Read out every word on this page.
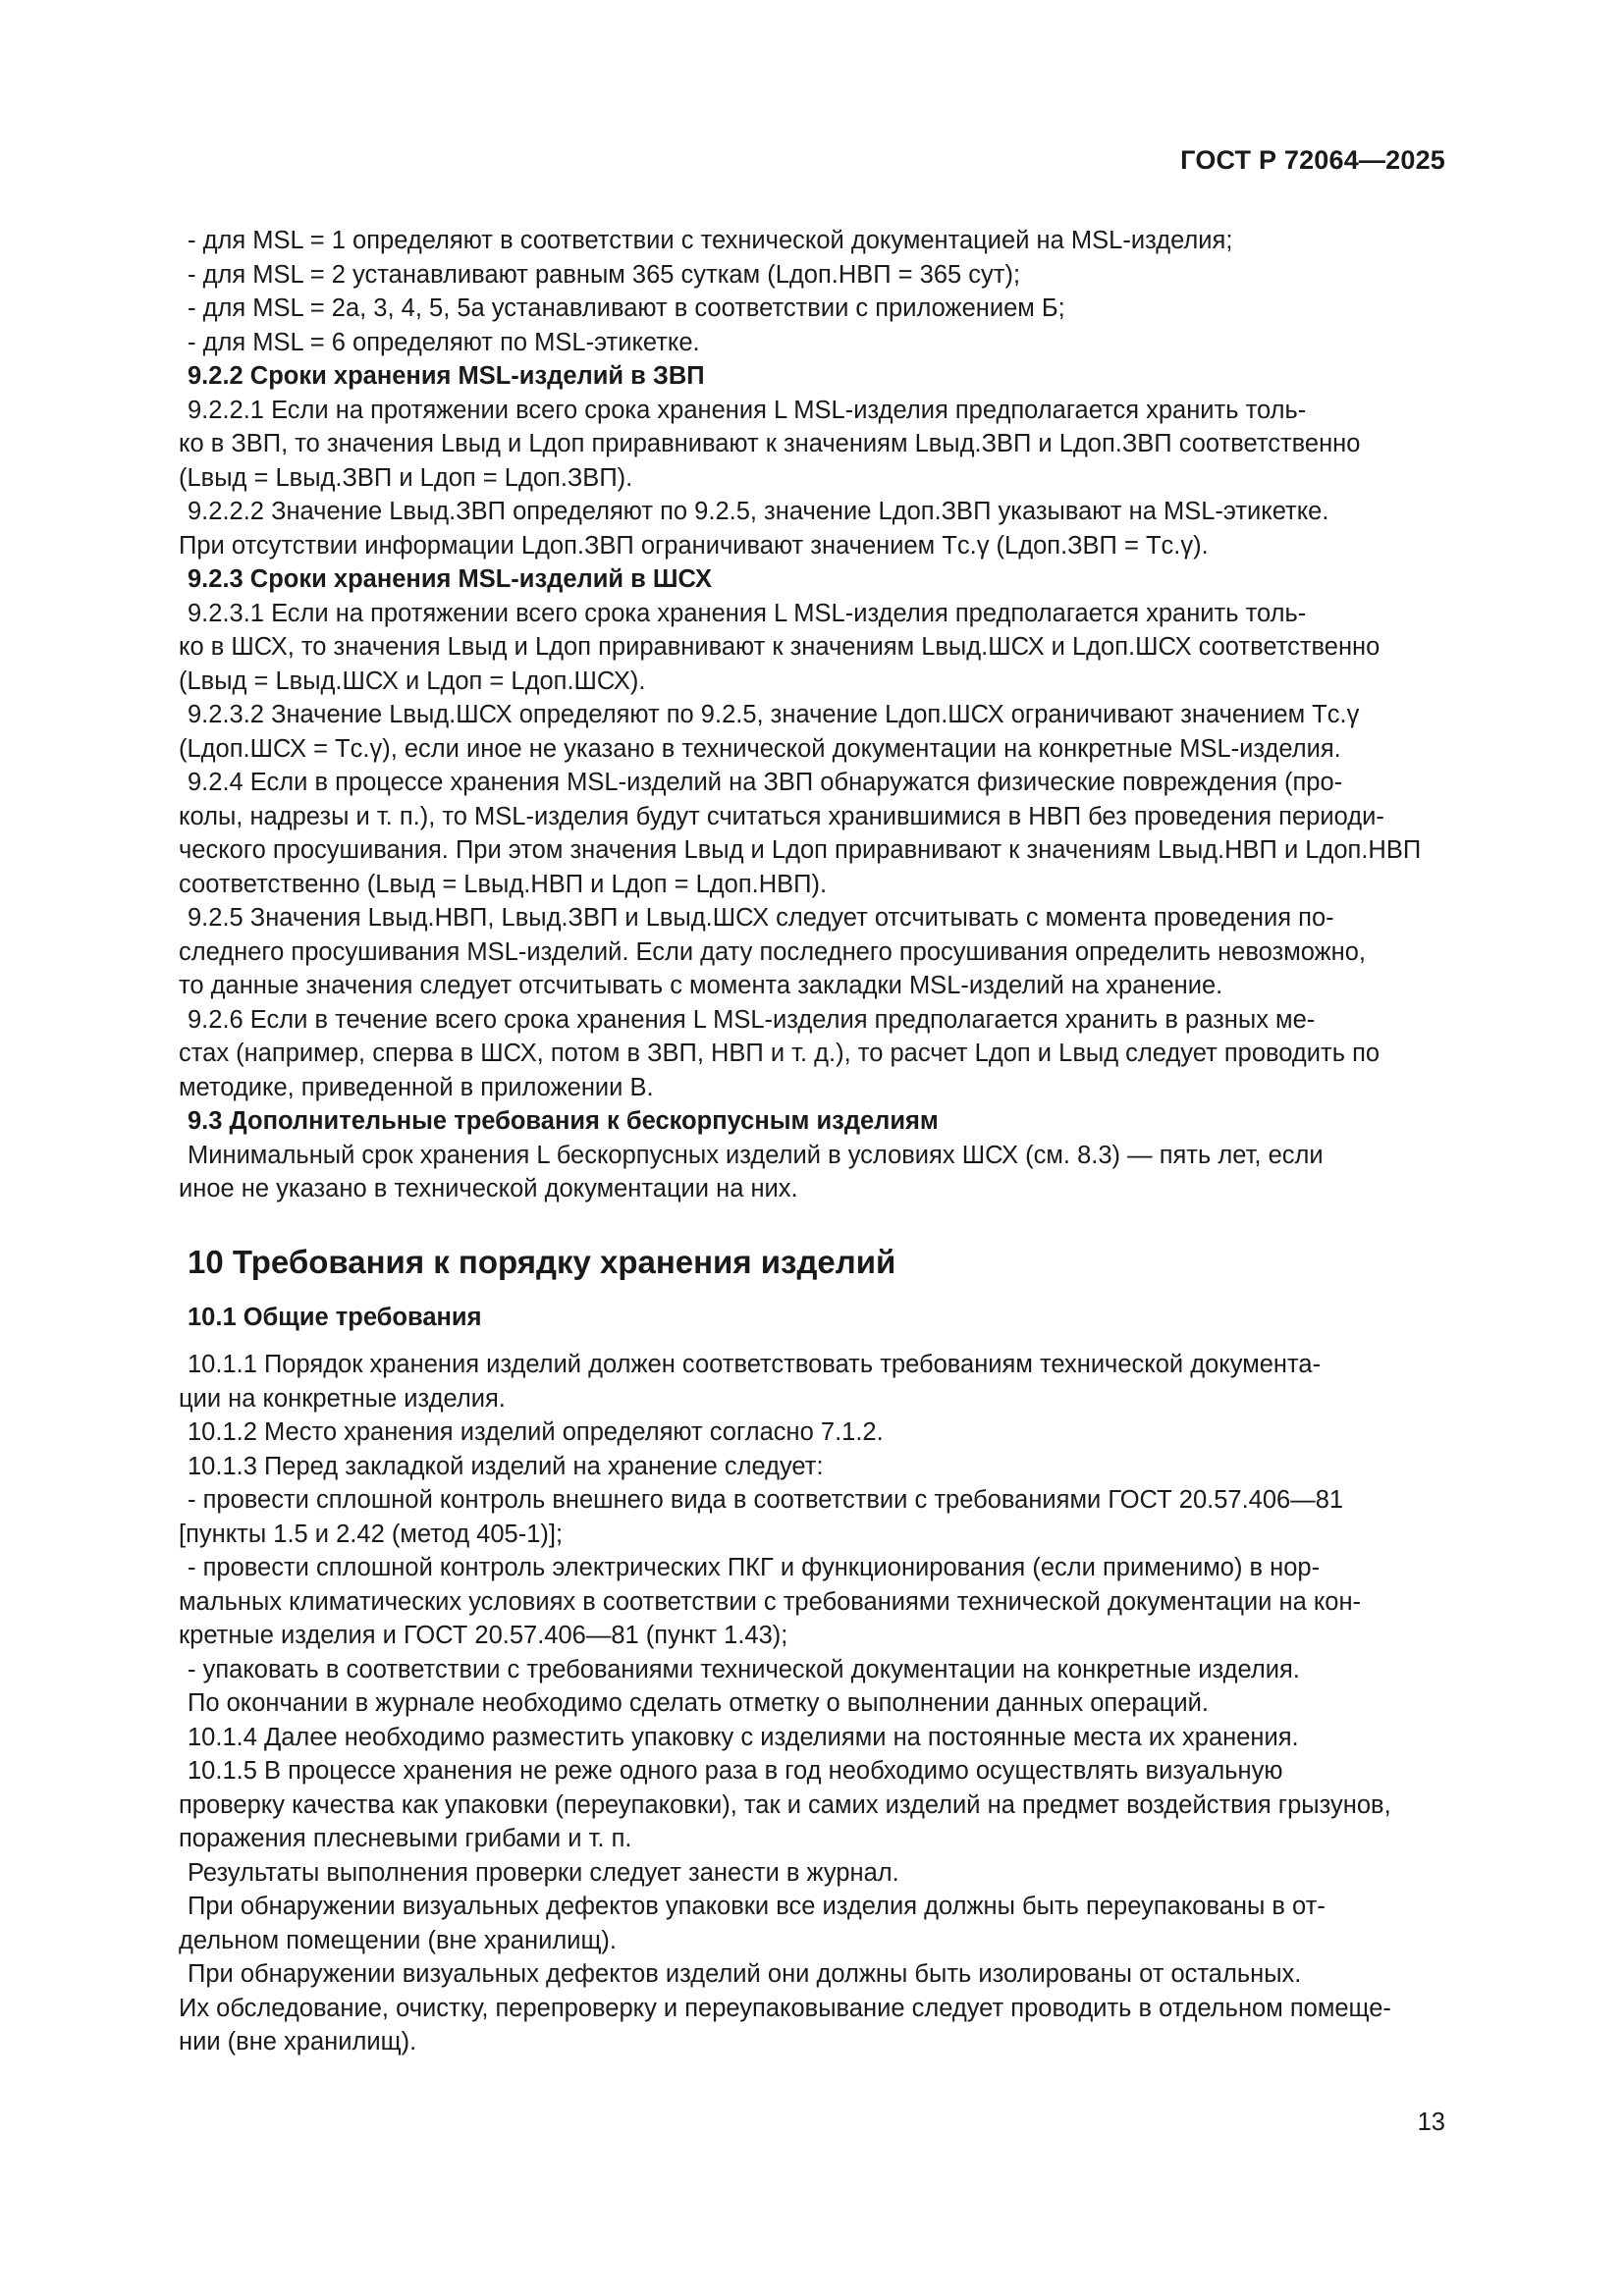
ГОСТ Р 72064—2025
- для MSL = 1 определяют в соответствии с технической документацией на MSL-изделия;
- для MSL = 2 устанавливают равным 365 суткам (Lдоп.НВП = 365 сут);
- для MSL = 2a, 3, 4, 5, 5a устанавливают в соответствии с приложением Б;
- для MSL = 6 определяют по MSL-этикетке.
9.2.2 Сроки хранения MSL-изделий в ЗВП
9.2.2.1 Если на протяжении всего срока хранения L MSL-изделия предполагается хранить толь-
ко в ЗВП, то значения Lвыд и Lдоп приравнивают к значениям Lвыд.ЗВП и Lдоп.ЗВП соответственно
(Lвыд = Lвыд.ЗВП и Lдоп = Lдоп.ЗВП).
9.2.2.2 Значение Lвыд.ЗВП определяют по 9.2.5, значение Lдоп.ЗВП указывают на MSL-этикетке.
При отсутствии информации Lдоп.ЗВП ограничивают значением Tс.γ (Lдоп.ЗВП = Tс.γ).
9.2.3 Сроки хранения MSL-изделий в ШСХ
9.2.3.1 Если на протяжении всего срока хранения L MSL-изделия предполагается хранить толь-
ко в ШСХ, то значения Lвыд и Lдоп приравнивают к значениям Lвыд.ШСХ и Lдоп.ШСХ соответственно
(Lвыд = Lвыд.ШСХ и Lдоп = Lдоп.ШСХ).
9.2.3.2 Значение Lвыд.ШСХ определяют по 9.2.5, значение Lдоп.ШСХ ограничивают значением Tс.γ
(Lдоп.ШСХ = Tс.γ), если иное не указано в технической документации на конкретные MSL-изделия.
9.2.4 Если в процессе хранения MSL-изделий на ЗВП обнаружатся физические повреждения (про-
колы, надрезы и т. п.), то MSL-изделия будут считаться хранившимися в НВП без проведения периоди-
ческого просушивания. При этом значения Lвыд и Lдоп приравнивают к значениям Lвыд.НВП и Lдоп.НВП
соответственно (Lвыд = Lвыд.НВП и Lдоп = Lдоп.НВП).
9.2.5 Значения Lвыд.НВП, Lвыд.ЗВП и Lвыд.ШСХ следует отсчитывать с момента проведения по-
следнего просушивания MSL-изделий. Если дату последнего просушивания определить невозможно,
то данные значения следует отсчитывать с момента закладки MSL-изделий на хранение.
9.2.6 Если в течение всего срока хранения L MSL-изделия предполагается хранить в разных ме-
стах (например, сперва в ШСХ, потом в ЗВП, НВП и т. д.), то расчет Lдоп и Lвыд следует проводить по
методике, приведенной в приложении В.
9.3 Дополнительные требования к бескорпусным изделиям
Минимальный срок хранения L бескорпусных изделий в условиях ШСХ (см. 8.3) — пять лет, если
иное не указано в технической документации на них.
10 Требования к порядку хранения изделий
10.1 Общие требования
10.1.1 Порядок хранения изделий должен соответствовать требованиям технической документа-
ции на конкретные изделия.
10.1.2 Место хранения изделий определяют согласно 7.1.2.
10.1.3 Перед закладкой изделий на хранение следует:
- провести сплошной контроль внешнего вида в соответствии с требованиями ГОСТ 20.57.406—81
[пункты 1.5 и 2.42 (метод 405-1)];
- провести сплошной контроль электрических ПКГ и функционирования (если применимо) в нор-
мальных климатических условиях в соответствии с требованиями технической документации на кон-
кретные изделия и ГОСТ 20.57.406—81 (пункт 1.43);
- упаковать в соответствии с требованиями технической документации на конкретные изделия.
По окончании в журнале необходимо сделать отметку о выполнении данных операций.
10.1.4 Далее необходимо разместить упаковку с изделиями на постоянные места их хранения.
10.1.5 В процессе хранения не реже одного раза в год необходимо осуществлять визуальную
проверку качества как упаковки (переупаковки), так и самих изделий на предмет воздействия грызунов,
поражения плесневыми грибами и т. п.
Результаты выполнения проверки следует занести в журнал.
При обнаружении визуальных дефектов упаковки все изделия должны быть переупакованы в от-
дельном помещении (вне хранилищ).
При обнаружении визуальных дефектов изделий они должны быть изолированы от остальных.
Их обследование, очистку, перепроверку и переупаковывание следует проводить в отдельном помеще-
нии (вне хранилищ).
13
